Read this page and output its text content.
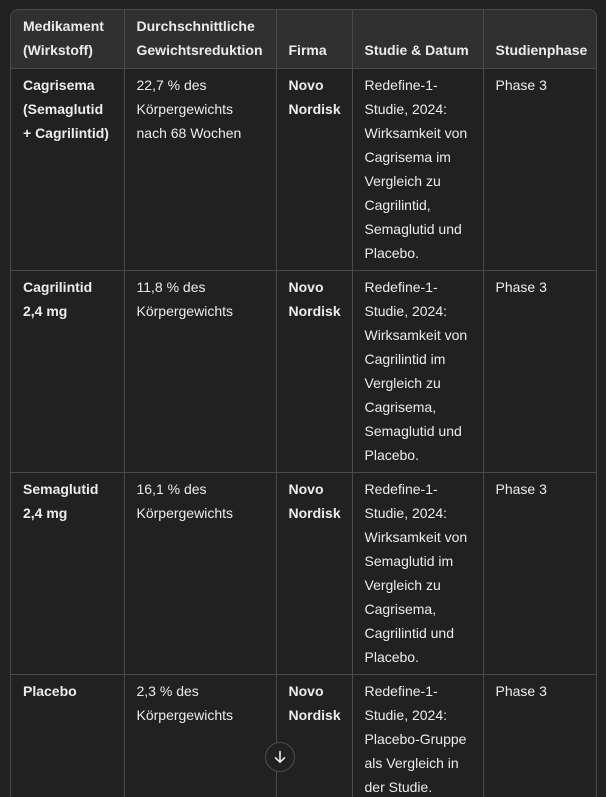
Medikament (Wirkstoff)	Durchschnittliche Gewichtsreduktion	Firma	Studie & Datum	Studienphase
Cagrisema (Semaglutid + Cagrilintid)	22,7 % des Körpergewichts nach 68 Wochen	Novo Nordisk	Redefine-1-Studie, 2024: Wirksamkeit von Cagrisema im Vergleich zu Cagrilintid, Semaglutid und Placebo.	Phase 3
Cagrilintid 2,4 mg	11,8 % des Körpergewichts	Novo Nordisk	Redefine-1-Studie, 2024: Wirksamkeit von Cagrilintid im Vergleich zu Cagrisema, Semaglutid und Placebo.	Phase 3
Semaglutid 2,4 mg	16,1 % des Körpergewichts	Novo Nordisk	Redefine-1-Studie, 2024: Wirksamkeit von Semaglutid im Vergleich zu Cagrisema, Cagrilintid und Placebo.	Phase 3
Placebo	2,3 % des Körpergewichts	Novo Nordisk	Redefine-1-Studie, 2024: Placebo-Gruppe als Vergleich in der Studie.	Phase 3
